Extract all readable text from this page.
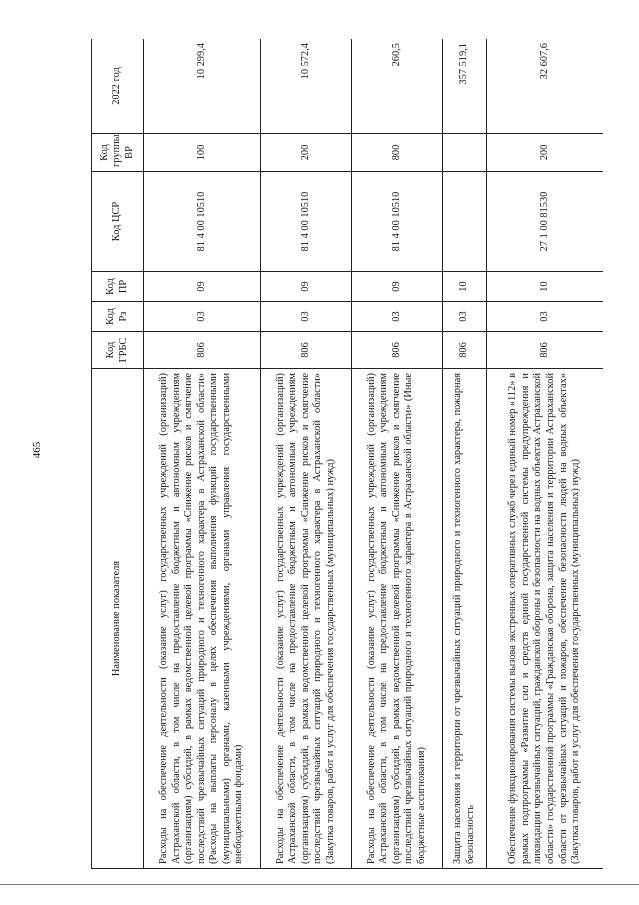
465
Наименование показателя	Код ГРБС	Код Рз	Код ПР	Код ЦСР	Код группы ВР	2022 год
Расходы на обеспечение деятельности (оказание услуг) государственных учреждений (организаций) Астраханской области, в том числе на предоставление бюджетным и автономным учреждениям (организациям) субсидий, в рамках ведомственной целевой программы «Снижение рисков и смягчение последствий чрезвычайных ситуаций природного и техногенного характера в Астраханской области» (Расходы на выплаты персоналу в целях обеспечения выполнения функций государственными (муниципальными) органами, казенными учреждениями, органами управления государственными внебюджетными фондами)	806	03	09	81 4 00 10510	100	10 299,4
Расходы на обеспечение деятельности (оказание услуг) государственных учреждений (организаций) Астраханской области, в том числе на предоставление бюджетным и автономным учреждениям (организациям) субсидий, в рамках ведомственной целевой программы «Снижение рисков и смягчение последствий чрезвычайных ситуаций природного и техногенного характера в Астраханской области» (Закупка товаров, работ и услуг для обеспечения государственных (муниципальных) нужд)	806	03	09	81 4 00 10510	200	10 572,4
Расходы на обеспечение деятельности (оказание услуг) государственных учреждений (организаций) Астраханской области, в том числе на предоставление бюджетным и автономным учреждениям (организациям) субсидий, в рамках ведомственной целевой программы «Снижение рисков и смягчение последствий чрезвычайных ситуаций природного и техногенного характера в Астраханской области» (Иные бюджетные ассигнования)	806	03	09	81 4 00 10510	800	260,5
Защита населения и территории от чрезвычайных ситуаций природного и техногенного характера, пожарная безопасность	806	03	10			357 519,1
Обеспечение функционирования системы вызова экстренных оперативных служб через единый номер «112» в рамках подпрограммы «Развитие сил и средств единой государственной системы предупреждения и ликвидации чрезвычайных ситуаций, гражданской обороны и безопасности на водных объектах Астраханской области» государственной программы «Гражданская оборона, защита населения и территории Астраханской области от чрезвычайных ситуаций и пожаров, обеспечение безопасности людей на водных объектах» (Закупка товаров, работ и услуг для обеспечения государственных (муниципальных) нужд)	806	03	10	27 1 00 81530	200	32 607,6
